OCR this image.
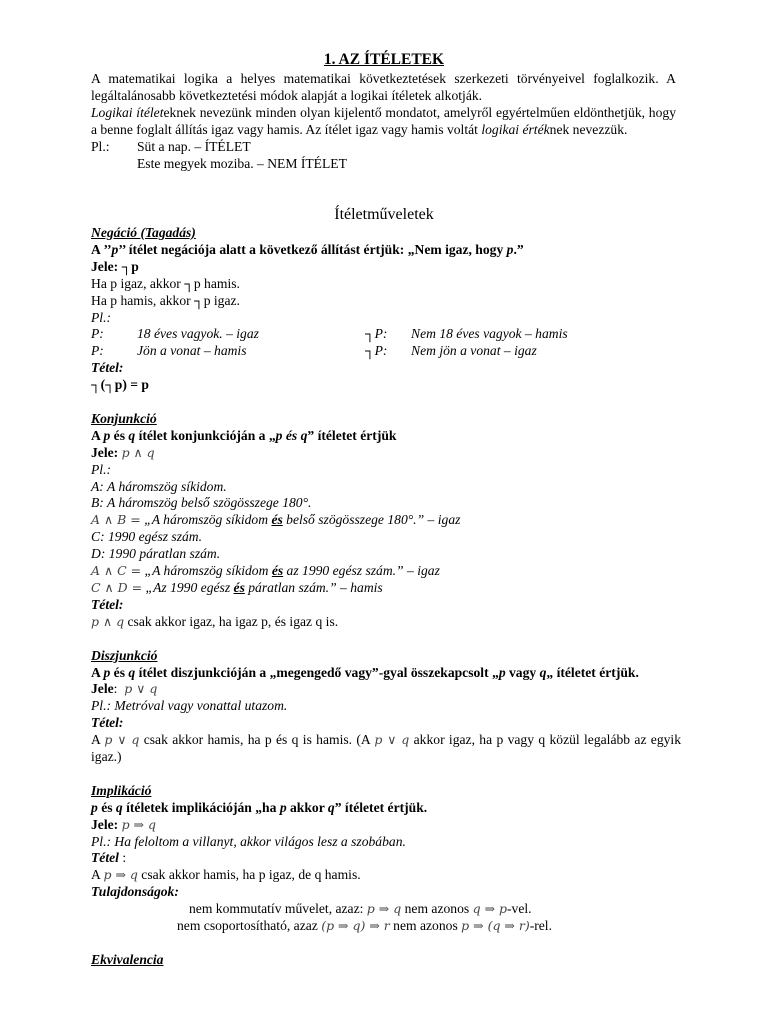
1. AZ ÍTÉLETEK

A matematikai logika a helyes matematikai következtetések szerkezeti törvényeivel foglalkozik. A legáltalánosabb következtetési módok alapját a logikai ítéletek alkotják.

Logikai ítéleteknek nevezünk minden olyan kijelentő mondatot, amelyről egyértelműen eldönthetjük, hogy a benne foglalt állítás igaz vagy hamis. Az ítélet igaz vagy hamis voltát logikai értéknek nevezzük.

Pl.:	Süt a nap. – ÍTÉLET
Este megyek moziba. – NEM ÍTÉLET
Ítéletműveletek

Negáció (Tagadás)

A ’’p’’ ítélet negációja alatt a következő állítást értjük: „Nem igaz, hogy p.”

Jele: ┐p

Ha p igaz, akkor ┐p hamis.

Ha p hamis, akkor ┐p igaz.

Pl.:

P:	18 éves vagyok. – igaz	┐P:	Nem 18 éves vagyok – hamis
P:	Jön a vonat – hamis	┐P:	Nem jön a vonat – igaz

Tétel:

┐(┐p) = p

Konjunkció

A p és q ítélet konjunkcióján a „p és q” ítéletet értjük

Jele: p ∧ q

Pl.:

A: A háromszög síkidom.

B: A háromszög belső szögösszege 180°.

A ∧ B = „A háromszög síkidom és belső szögösszege 180°.” – igaz

C: 1990 egész szám.

D: 1990 páratlan szám.

A ∧ C = „A háromszög síkidom és az 1990 egész szám.” – igaz

C ∧ D = „Az 1990 egész és páratlan szám.” – hamis

Tétel:

p ∧ q csak akkor igaz, ha igaz p, és igaz q is.

Diszjunkció

A p és q ítélet diszjunkcióján a „megengedő vagy”-gyal összekapcsolt „p vagy q„ ítéletet értjük.

Jele:  p ∨ q

Pl.: Metróval vagy vonattal utazom.

Tétel:

A p ∨ q csak akkor hamis, ha p és q is hamis. (A p ∨ q akkor igaz, ha p vagy q közül legalább az egyik igaz.)

Implikáció

p és q ítéletek implikációján „ha p akkor q” ítéletet értjük.

Jele: p ⇒ q

Pl.: Ha feloltom a villanyt, akkor világos lesz a szobában.

Tétel :

A p ⇒ q csak akkor hamis, ha p igaz, de q hamis.

Tulajdonságok:

nem kommutatív művelet, azaz: p ⇒ q nem azonos q ⇒ p-vel.

nem csoportosítható, azaz (p ⇒ q) ⇒ r nem azonos p ⇒ (q ⇒ r)-rel.

Ekvivalencia
